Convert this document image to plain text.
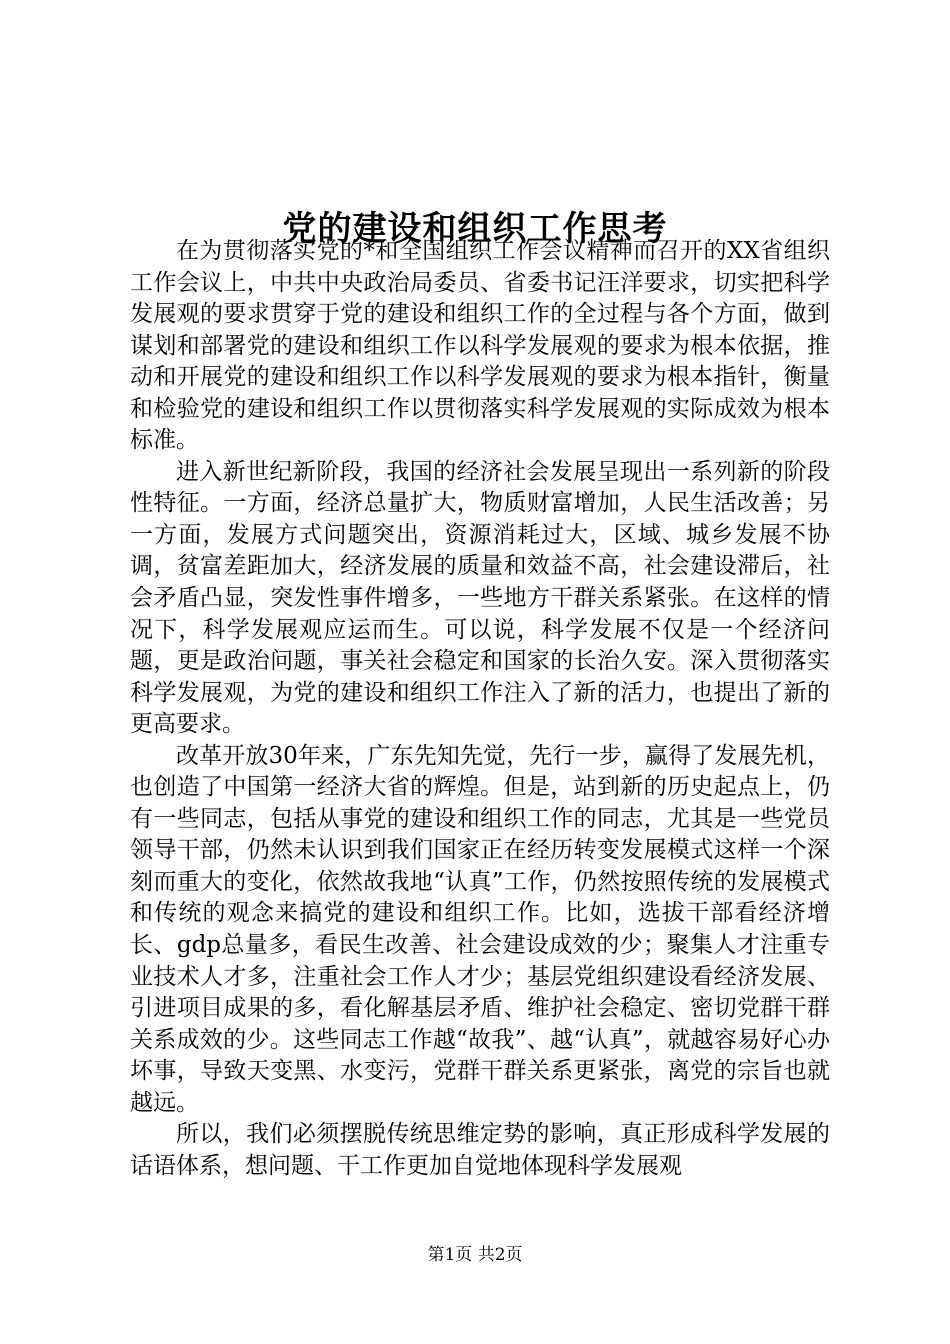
党的建设和组织工作思考

在为贯彻落实党的*和全国组织工作会议精神而召开的XX省组织工作会议上，中共中央政治局委员、省委书记汪洋要求，切实把科学发展观的要求贯穿于党的建设和组织工作的全过程与各个方面，做到谋划和部署党的建设和组织工作以科学发展观的要求为根本依据，推动和开展党的建设和组织工作以科学发展观的要求为根本指针，衡量和检验党的建设和组织工作以贯彻落实科学发展观的实际成效为根本标准。

进入新世纪新阶段，我国的经济社会发展呈现出一系列新的阶段性特征。一方面，经济总量扩大，物质财富增加，人民生活改善；另一方面，发展方式问题突出，资源消耗过大，区域、城乡发展不协调，贫富差距加大，经济发展的质量和效益不高，社会建设滞后，社会矛盾凸显，突发性事件增多，一些地方干群关系紧张。在这样的情况下，科学发展观应运而生。可以说，科学发展不仅是一个经济问题，更是政治问题，事关社会稳定和国家的长治久安。深入贯彻落实科学发展观，为党的建设和组织工作注入了新的活力，也提出了新的更高要求。

改革开放30年来，广东先知先觉，先行一步，赢得了发展先机，也创造了中国第一经济大省的辉煌。但是，站到新的历史起点上，仍有一些同志，包括从事党的建设和组织工作的同志，尤其是一些党员领导干部，仍然未认识到我们国家正在经历转变发展模式这样一个深刻而重大的变化，依然故我地“认真”工作，仍然按照传统的发展模式和传统的观念来搞党的建设和组织工作。比如，选拔干部看经济增长、gdp总量多，看民生改善、社会建设成效的少；聚集人才注重专业技术人才多，注重社会工作人才少；基层党组织建设看经济发展、引进项目成果的多，看化解基层矛盾、维护社会稳定、密切党群干群关系成效的少。这些同志工作越“故我”、越“认真”，就越容易好心办坏事，导致天变黑、水变污，党群干群关系更紧张，离党的宗旨也就越远。

所以，我们必须摆脱传统思维定势的影响，真正形成科学发展的话语体系，想问题、干工作更加自觉地体现科学发展观

第1页 共2页
